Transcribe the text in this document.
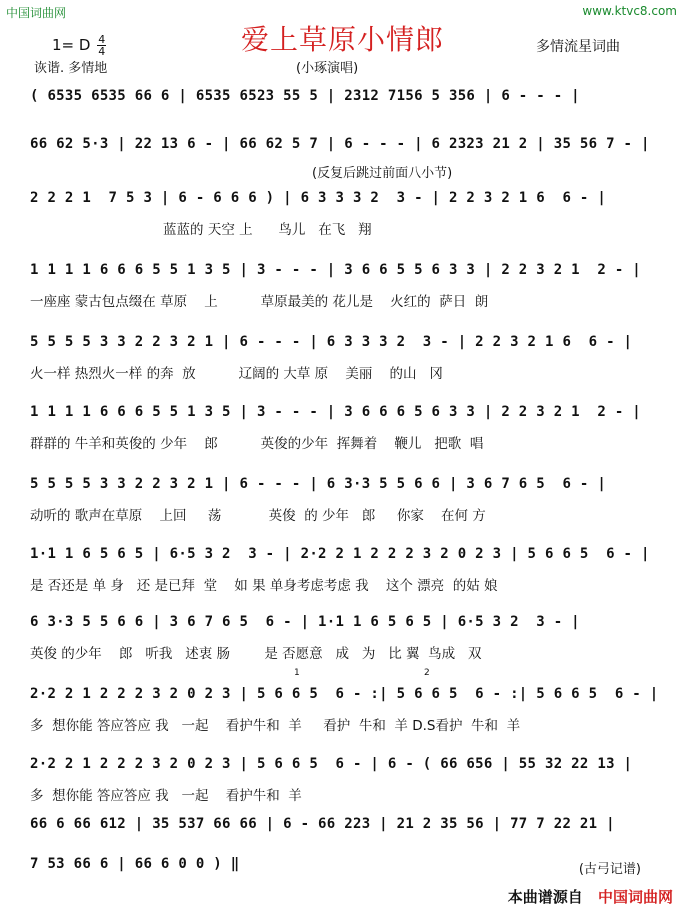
中国词曲网	www.ktvc8.com
爱上草原小情郎
1= D $\frac{4}{4}$	多情流星词曲
诙谐. 多情地	(小琢演唱)
( 6535 6535 66 6 | 6535 6523 55 5 | 2312 7156 5 356 | 6 - - - |
66 62 5·3 | 22 13 6 - | 66 62 5 7 | 6 - - - | 6 2323 21 2 | 35 56 7 - |
2 2 2 1  7 5 3 | 6 - 6 6 6 ) | 6 3 3 3 2  3 - | 2 2 3 2 1 6  6 - |
蓝蓝的 天空 上      鸟儿   在飞   翔
1 1 1 1 6 6 6 5 5 1 3 5 | 3 - - - | 3 6 6 5 5 6 3 3 | 2 2 3 2 1  2 - |
一座座 蒙古包点缀在 草原    上          草原最美的 花儿是    火红的  萨日  朗
5 5 5 5 3 3 2 2 3 2 1 | 6 - - - | 6 3 3 3 2  3 - | 2 2 3 2 1 6  6 - |
火一样 热烈火一样 的奔  放          辽阔的 大草 原    美丽    的山   冈
1 1 1 1 6 6 6 5 5 1 3 5 | 3 - - - | 3 6 6 6 5 6 3 3 | 2 2 3 2 1  2 - |
群群的 牛羊和英俊的 少年    郎          英俊的少年  挥舞着    鞭儿   把歌  唱
5 5 5 5 3 3 2 2 3 2 1 | 6 - - - | 6 3·3 5 5 6 6 | 3 6 7 6 5  6 - |
动听的 歌声在草原    上回     荡           英俊  的 少年   郎     你家    在何 方
1·1 1 6 5 6 5 | 6·5 3 2  3 - | 2·2 2 1 2 2 2 3 2 0 2 3 | 5 6 6 5  6 - |
是 否还是 单 身   还 是已拜  堂    如 果 单身考虑考虑 我    这个 漂亮  的姑 娘
6 3·3 5 5 6 6 | 3 6 7 6 5  6 - | 1·1 1 6 5 6 5 | 6·5 3 2  3 - |
英俊 的少年    郎   听我   述衷 肠        是 否愿意   成   为   比 翼  鸟成   双
2·2 2 1 2 2 2 3 2 0 2 3 | 5 6 6 5  6 - :| 5 6 6 5  6 - :| 5 6 6 5  6 - |
多  想你能 答应答应 我   一起    看护牛和  羊     看护  牛和  羊 D.S看护  牛和  羊
2·2 2 1 2 2 2 3 2 0 2 3 | 5 6 6 5  6 - | 6 - ( 66 656 | 55 32 22 13 |
多  想你能 答应答应 我   一起    看护牛和  羊
66 6 66 612 | 35 537 66 66 | 6 - 66 223 | 21 2 35 56 | 77 7 22 21 |
7 53 66 6 | 66 6 0 0 ) ‖
(反复后跳过前面八小节)
1	2
(古弓记谱)
本曲谱源自 中国词曲网
